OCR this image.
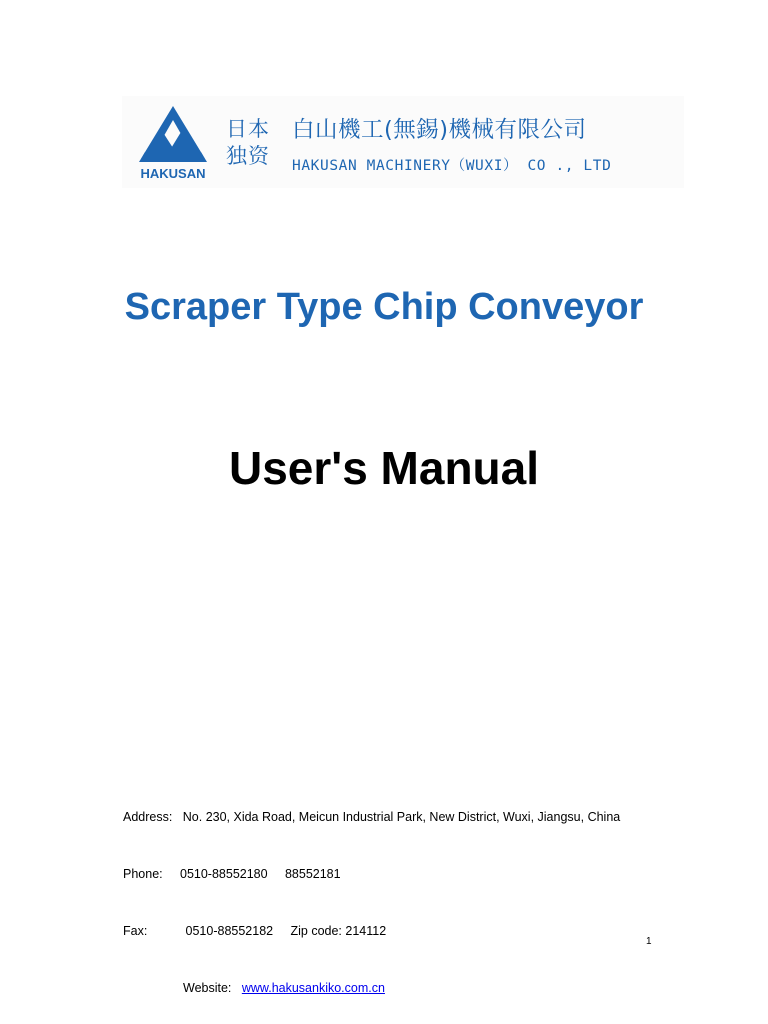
HAKUSAN
日本独资
白山機工(無錫)機械有限公司
HAKUSAN MACHINERY（WUXI） CO ., LTD
Scraper Type Chip Conveyor
User's Manual

Address: No. 230, Xida Road, Meicun Industrial Park, New District, Wuxi, Jiangsu, China

Phone: 0510-88552180 88552181

Fax:	0510-88552182 Zip code: 214112

Website: www.hakusankiko.com.cn

1
